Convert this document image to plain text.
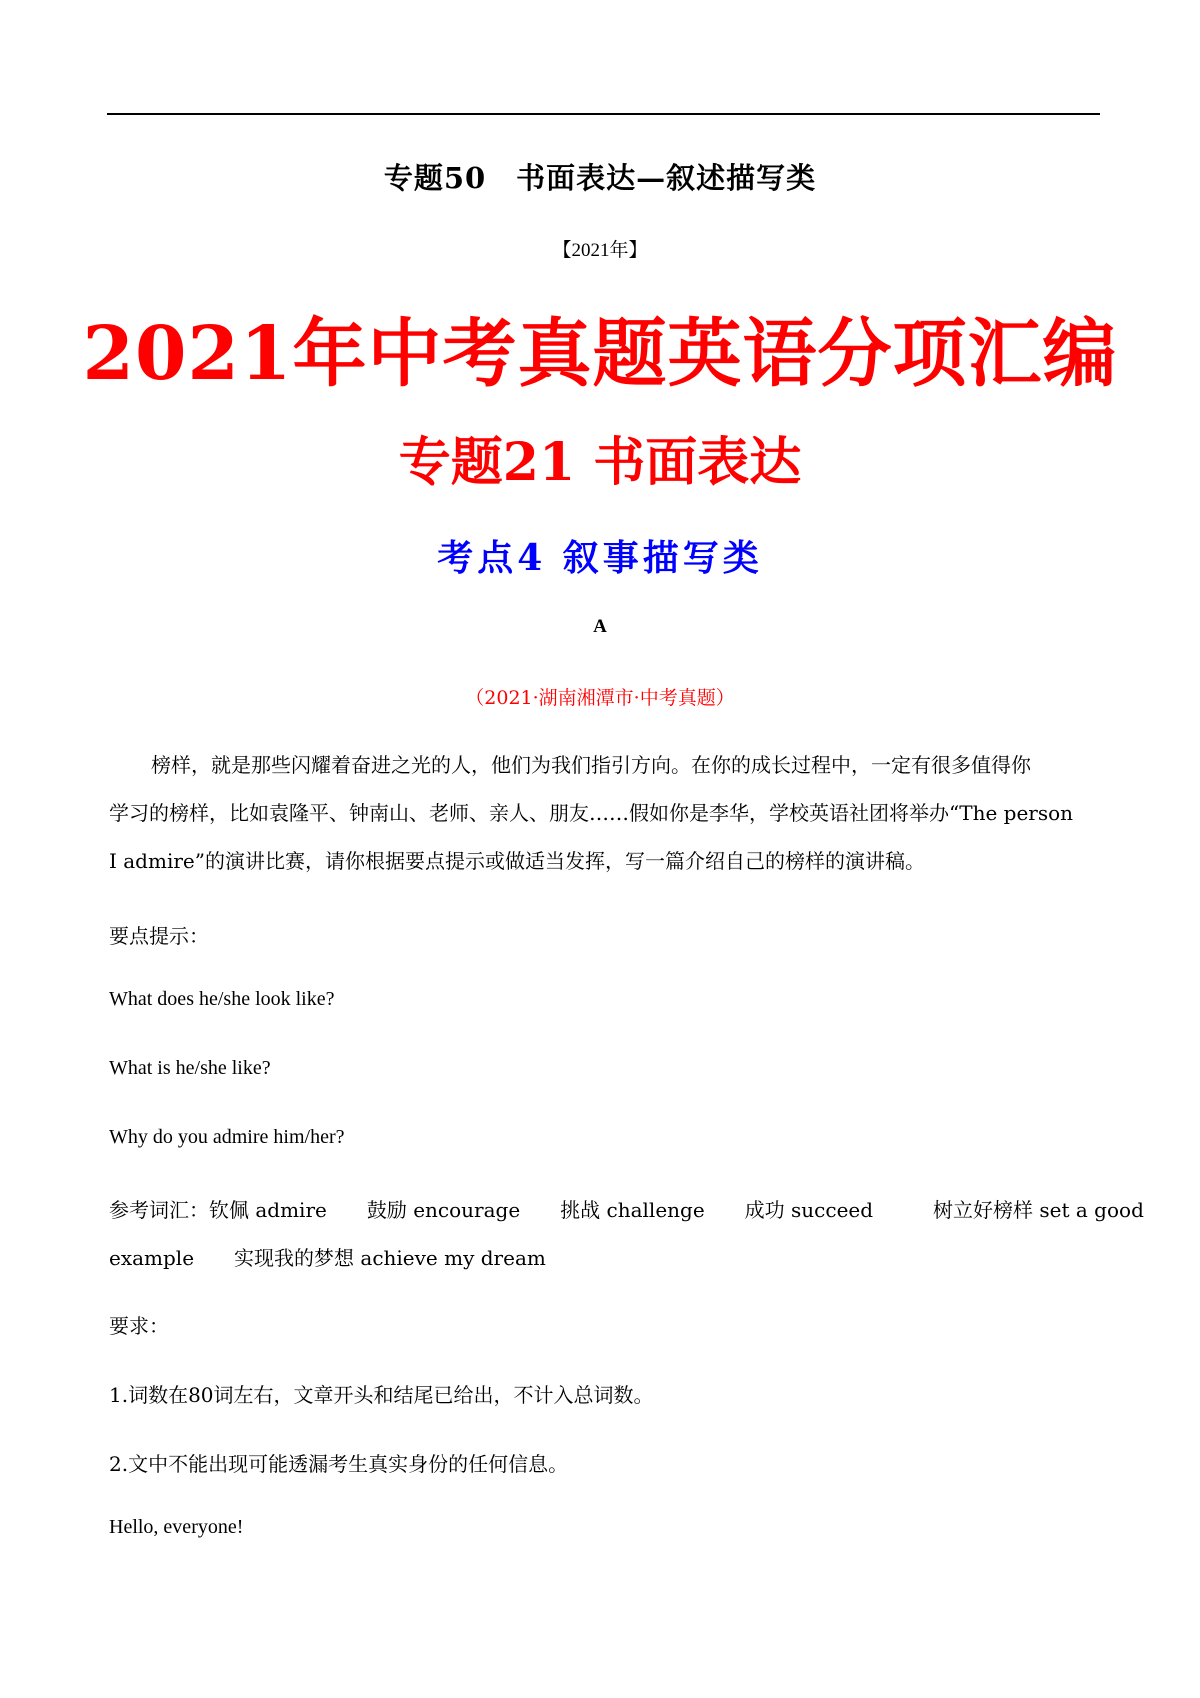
专题50　书面表达—叙述描写类
【2021年】
2021年中考真题英语分项汇编
专题21 书面表达
考点4 叙事描写类
A
（2021·湖南湘潭市·中考真题）
榜样，就是那些闪耀着奋进之光的人，他们为我们指引方向。在你的成长过程中，一定有很多值得你
学习的榜样，比如袁隆平、钟南山、老师、亲人、朋友……假如你是李华，学校英语社团将举办“The person
I admire”的演讲比赛，请你根据要点提示或做适当发挥，写一篇介绍自己的榜样的演讲稿。
要点提示：
What does he/she look like?
What is he/she like?
Why do you admire him/her?
参考词汇：钦佩 admire　 鼓励 encourage 　挑战 challenge 　成功 succeed 　　树立好榜样 set a good
example 　实现我的梦想 achieve my dream
要求：
1.词数在80词左右，文章开头和结尾已给出，不计入总词数。
2.文中不能出现可能透漏考生真实身份的任何信息。
Hello, everyone!
